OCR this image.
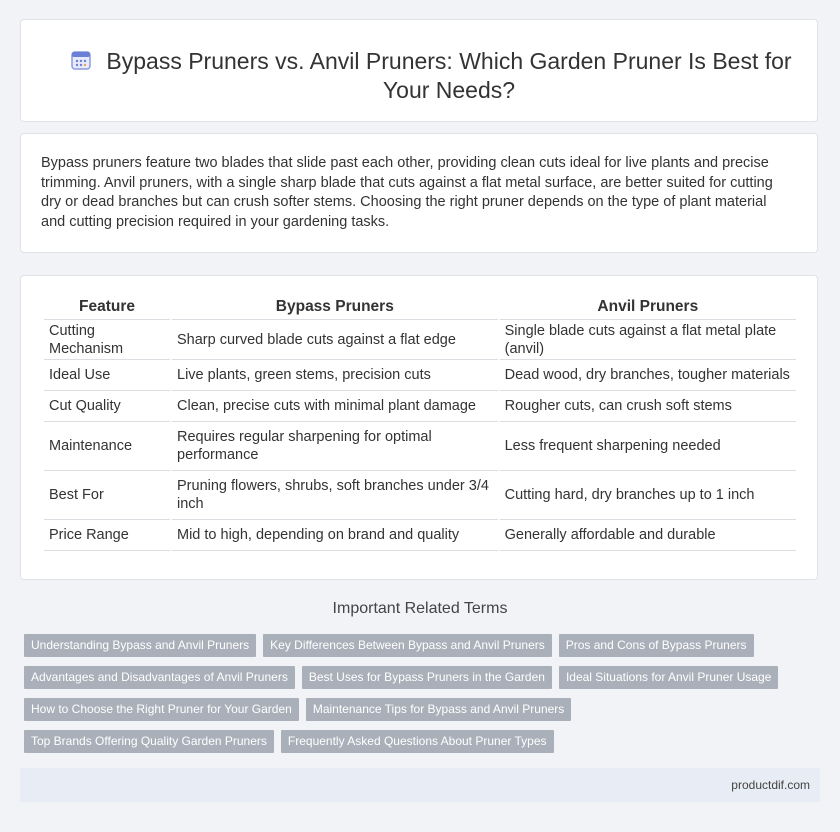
Bypass Pruners vs. Anvil Pruners: Which Garden Pruner Is Best for Your Needs?

Bypass pruners feature two blades that slide past each other, providing clean cuts ideal for live plants and precise trimming. Anvil pruners, with a single sharp blade that cuts against a flat metal surface, are better suited for cutting dry or dead branches but can crush softer stems. Choosing the right pruner depends on the type of plant material and cutting precision required in your gardening tasks.

Feature	Bypass Pruners	Anvil Pruners
Cutting Mechanism	Sharp curved blade cuts against a flat edge	Single blade cuts against a flat metal plate (anvil)
Ideal Use	Live plants, green stems, precision cuts	Dead wood, dry branches, tougher materials
Cut Quality	Clean, precise cuts with minimal plant damage	Rougher cuts, can crush soft stems
Maintenance	Requires regular sharpening for optimal performance	Less frequent sharpening needed
Best For	Pruning flowers, shrubs, soft branches under 3/4 inch	Cutting hard, dry branches up to 1 inch
Price Range	Mid to high, depending on brand and quality	Generally affordable and durable
Important Related Terms
Understanding Bypass and Anvil Pruners	Key Differences Between Bypass and Anvil Pruners	Pros and Cons of Bypass Pruners
Advantages and Disadvantages of Anvil Pruners	Best Uses for Bypass Pruners in the Garden	Ideal Situations for Anvil Pruner Usage
How to Choose the Right Pruner for Your Garden	Maintenance Tips for Bypass and Anvil Pruners
Top Brands Offering Quality Garden Pruners	Frequently Asked Questions About Pruner Types
productdif.com
